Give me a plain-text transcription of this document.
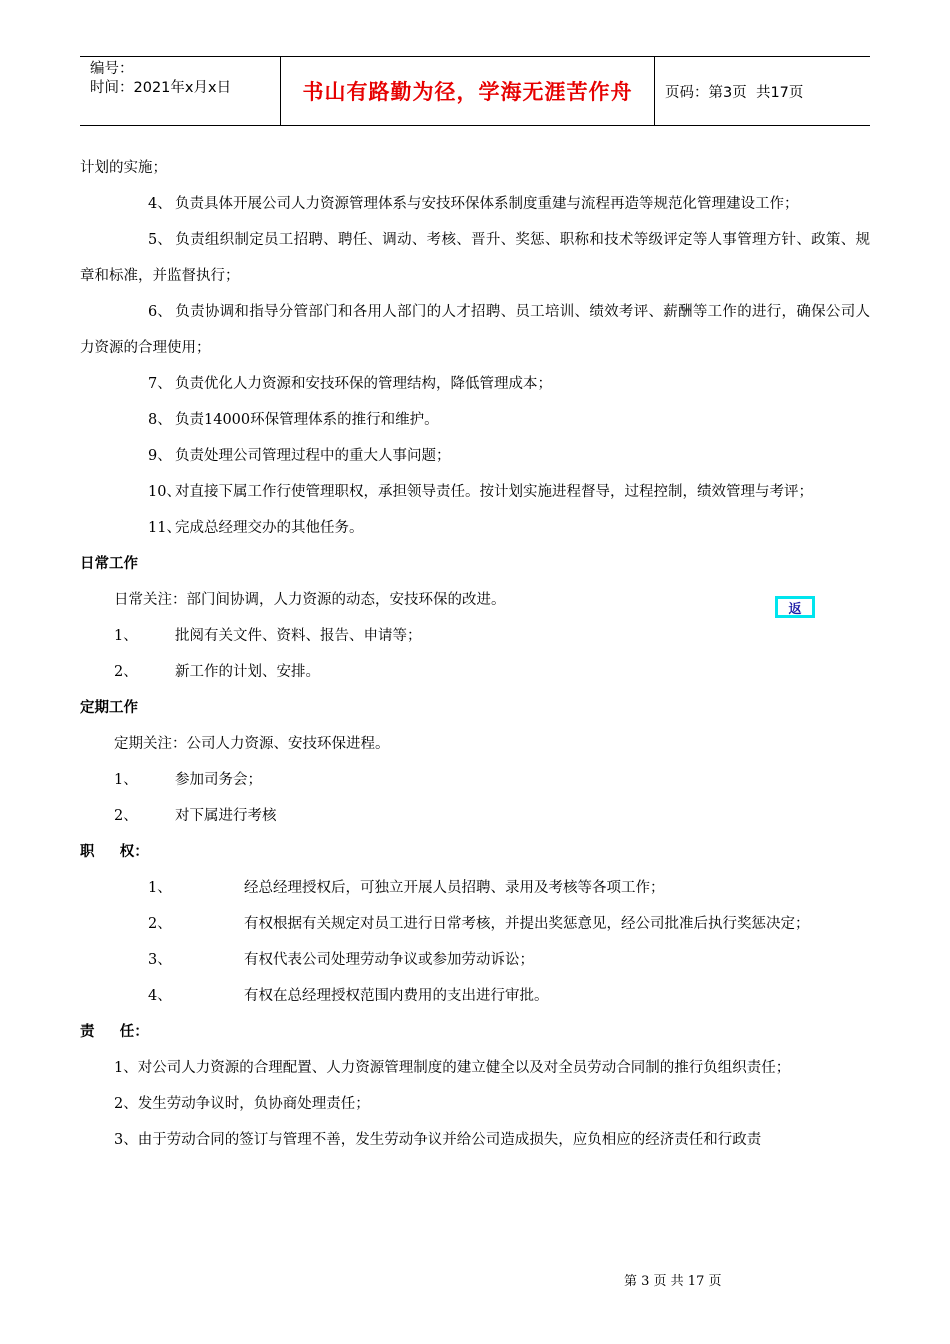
编号：
时间：2021年x月x日	书山有路勤为径，学海无涯苦作舟	页码：第3页  共17页
返
计划的实施；
4、 负责具体开展公司人力资源管理体系与安技环保体系制度重建与流程再造等规范化管理建设工作；
5、 负责组织制定员工招聘、聘任、调动、考核、晋升、奖惩、职称和技术等级评定等人事管理方针、政策、规章和标准，并监督执行；
6、 负责协调和指导分管部门和各用人部门的人才招聘、员工培训、绩效考评、薪酬等工作的进行，确保公司人力资源的合理使用；
7、 负责优化人力资源和安技环保的管理结构，降低管理成本；
8、 负责14000环保管理体系的推行和维护。
9、 负责处理公司管理过程中的重大人事问题；
10、对直接下属工作行使管理职权，承担领导责任。按计划实施进程督导，过程控制，绩效管理与考评；
11、完成总经理交办的其他任务。
日常工作
日常关注：部门间协调，人力资源的动态，安技环保的改进。
1、	批阅有关文件、资料、报告、申请等；
2、	新工作的计划、安排。
定期工作
定期关注：公司人力资源、安技环保进程。
1、	参加司务会；
2、	对下属进行考核
职     权：
1、	经总经理授权后，可独立开展人员招聘、录用及考核等各项工作；
2、	有权根据有关规定对员工进行日常考核，并提出奖惩意见，经公司批准后执行奖惩决定；
3、	有权代表公司处理劳动争议或参加劳动诉讼；
4、	有权在总经理授权范围内费用的支出进行审批。
责     任：
1、对公司人力资源的合理配置、人力资源管理制度的建立健全以及对全员劳动合同制的推行负组织责任；
2、发生劳动争议时，负协商处理责任；
3、由于劳动合同的签订与管理不善，发生劳动争议并给公司造成损失，应负相应的经济责任和行政责
第 3 页 共 17 页
